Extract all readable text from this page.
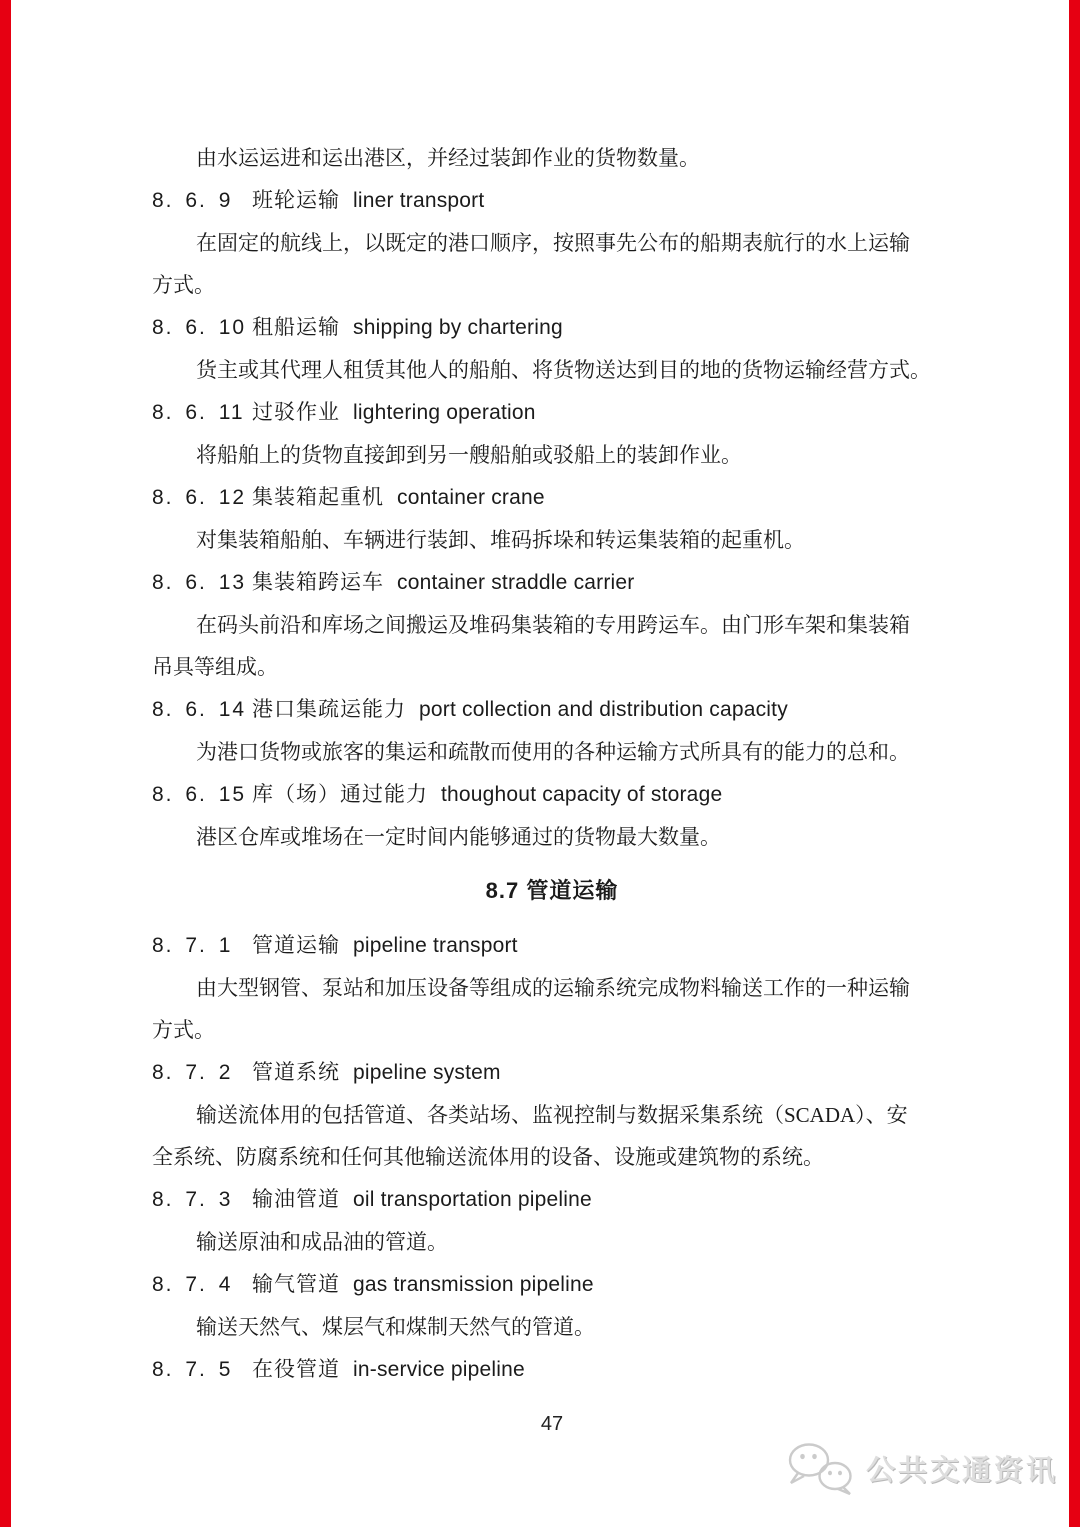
由水运运进和运出港区，并经过装卸作业的货物数量。

8. 6. 9 班轮运输 liner transport

在固定的航线上，以既定的港口顺序，按照事先公布的船期表航行的水上运输
方式。

8. 6. 10 租船运输 shipping by chartering

货主或其代理人租赁其他人的船舶、将货物送达到目的地的货物运输经营方式。

8. 6. 11 过驳作业 lightering operation

将船舶上的货物直接卸到另一艘船舶或驳船上的装卸作业。

8. 6. 12 集装箱起重机 container crane

对集装箱船舶、车辆进行装卸、堆码拆垛和转运集装箱的起重机。

8. 6. 13 集装箱跨运车 container straddle carrier

在码头前沿和库场之间搬运及堆码集装箱的专用跨运车。由门形车架和集装箱
吊具等组成。

8. 6. 14 港口集疏运能力 port collection and distribution capacity

为港口货物或旅客的集运和疏散而使用的各种运输方式所具有的能力的总和。

8. 6. 15 库（场）通过能力 thoughout capacity of storage

港区仓库或堆场在一定时间内能够通过的货物最大数量。

8.7 管道运输
8. 7. 1 管道运输 pipeline transport

由大型钢管、泵站和加压设备等组成的运输系统完成物料输送工作的一种运输
方式。

8. 7. 2 管道系统 pipeline system

输送流体用的包括管道、各类站场、监视控制与数据采集系统（SCADA）、安
全系统、防腐系统和任何其他输送流体用的设备、设施或建筑物的系统。

8. 7. 3 输油管道 oil transportation pipeline

输送原油和成品油的管道。

8. 7. 4 输气管道 gas transmission pipeline

输送天然气、煤层气和煤制天然气的管道。

8. 7. 5 在役管道 in-service pipeline
47
公共交通资讯
